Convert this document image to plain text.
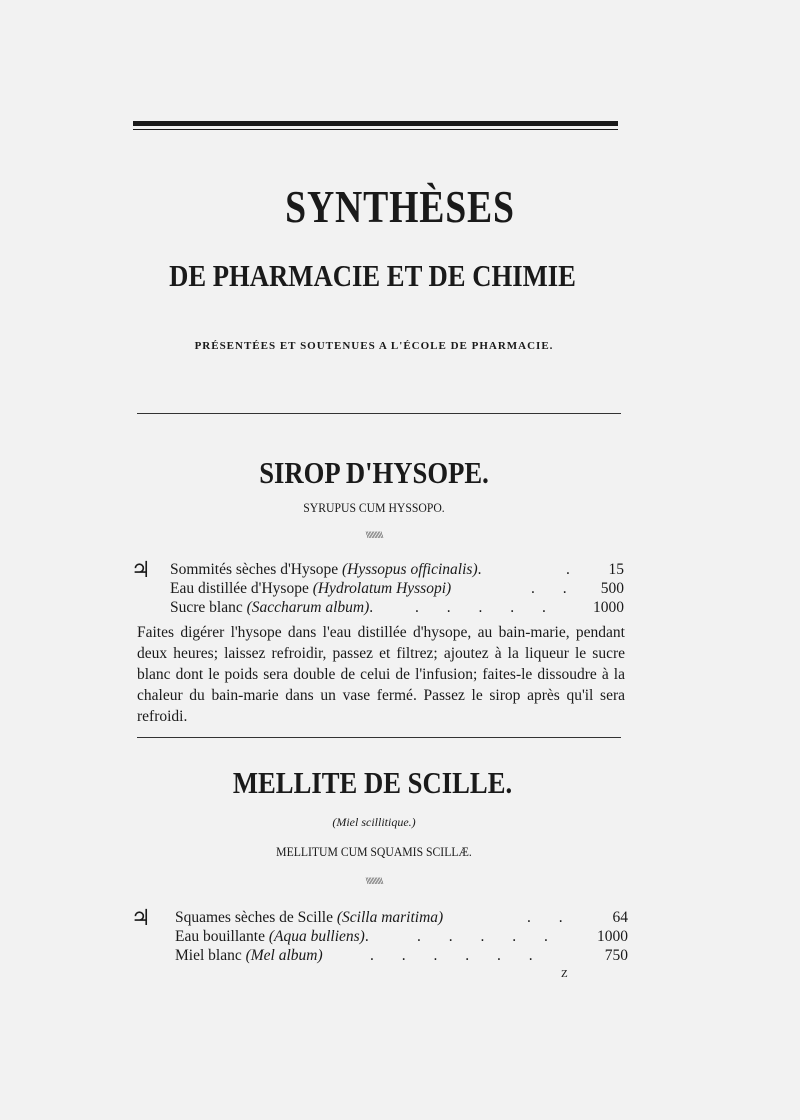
SYNTHÈSES
DE PHARMACIE ET DE CHIMIE
PRÉSENTÉES ET SOUTENUES A L'ÉCOLE DE PHARMACIE.
SIROP D'HYSOPE.
SYRUPUS CUM HYSSOPO.
\\\\\\\\\\\
♃ Sommités sèches d'Hysope (Hyssopus officinalis).	.	15
Eau distillée d'Hysope (Hydrolatum Hyssopi)	. .	500
Sucre blanc (Saccharum album).	. . . . .	1000
Faites digérer l'hysope dans l'eau distillée d'hysope, au bain-marie, pendant deux heures; laissez refroidir, passez et filtrez; ajoutez à la liqueur le sucre blanc dont le poids sera double de celui de l'infusion; faites-le dissoudre à la chaleur du bain-marie dans un vase fermé. Passez le sirop après qu'il sera refroidi.
MELLITE DE SCILLE.
(Miel scillitique.)
MELLITUM CUM SQUAMIS SCILLÆ.
\\\\\\\\\\\
♃ Squames sèches de Scille (Scilla maritima)	. .	64
Eau bouillante (Aqua bulliens).	. . . . .	1000
Miel blanc (Mel album)	. . . . . .	750
Z
